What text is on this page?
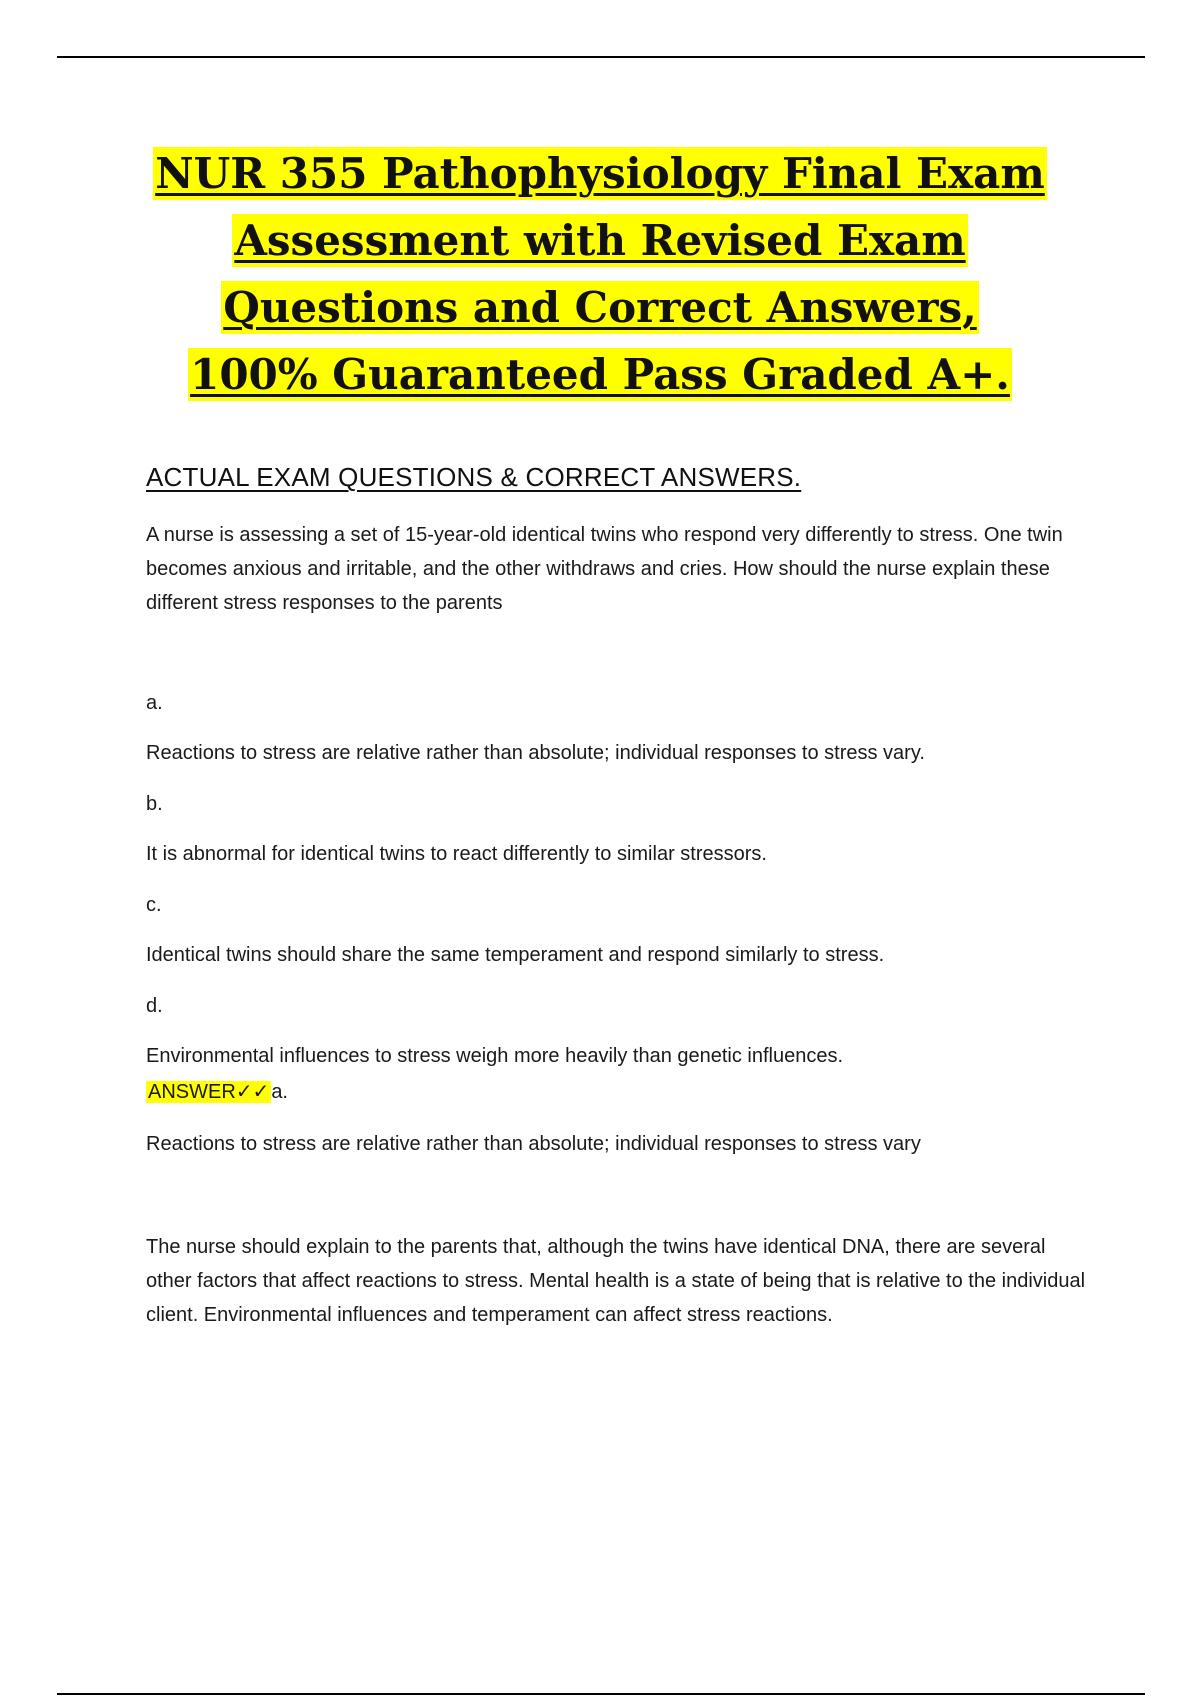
NUR 355 Pathophysiology Final Exam
Assessment with Revised Exam
Questions and Correct Answers,
100% Guaranteed Pass Graded A+.
ACTUAL EXAM QUESTIONS & CORRECT ANSWERS.
A nurse is assessing a set of 15-year-old identical twins who respond very differently to stress. One twin becomes anxious and irritable, and the other withdraws and cries. How should the nurse explain these different stress responses to the parents
a.
Reactions to stress are relative rather than absolute; individual responses to stress vary.
b.
It is abnormal for identical twins to react differently to similar stressors.
c.
Identical twins should share the same temperament and respond similarly to stress.
d.
Environmental influences to stress weigh more heavily than genetic influences.
ANSWER✓✓ a.
Reactions to stress are relative rather than absolute; individual responses to stress vary
The nurse should explain to the parents that, although the twins have identical DNA, there are several other factors that affect reactions to stress. Mental health is a state of being that is relative to the individual client. Environmental influences and temperament can affect stress reactions.
